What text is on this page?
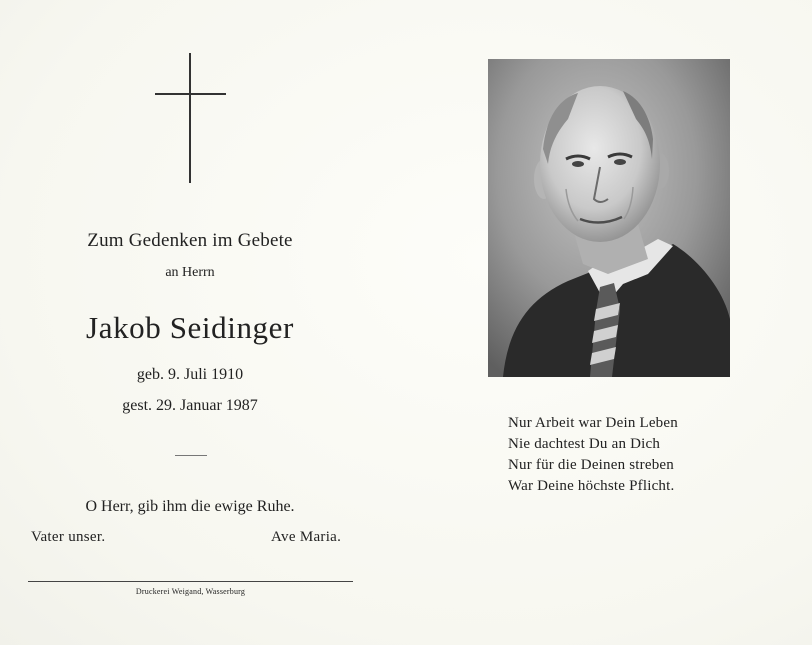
Zum Gedenken im Gebete
an Herrn
Jakob Seidinger
geb. 9. Juli 1910
gest. 29. Januar 1987
O Herr, gib ihm die ewige Ruhe.
Vater unser.	Ave Maria.
Druckerei Weigand, Wasserburg
Nur Arbeit war Dein Leben
Nie dachtest Du an Dich
Nur für die Deinen streben
War Deine höchste Pflicht.
